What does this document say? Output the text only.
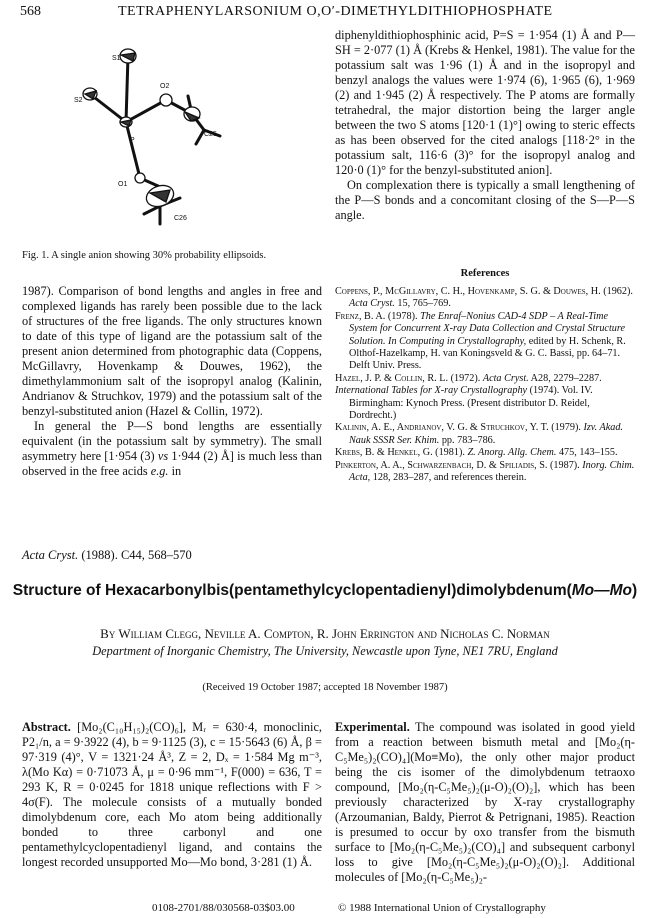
568	TETRAPHENYLARSONIUM O,O′-DIMETHYLDITHIOPHOSPHATE
S1
S2
P
O2
C25
O1
C26
Fig. 1. A single anion showing 30% probability ellipsoids.

diphenyldithiophosphinic acid, P=S = 1·954 (1) Å and P—SH = 2·077 (1) Å (Krebs & Henkel, 1981). The value for the potassium salt was 1·96 (1) Å and in the isopropyl and benzyl analogs the values were 1·974 (6), 1·965 (6), 1·969 (2) and 1·945 (2) Å respectively. The P atoms are formally tetrahedral, the major distortion being the larger angle between the two S atoms [120·1 (1)°] owing to steric effects as has been observed for the cited analogs [118·2° in the potassium salt, 116·6 (3)° for the isopropyl analog and 120·0 (1)° for the benzyl-substituted anion].

On complexation there is typically a small lengthening of the P—S bonds and a concomitant closing of the S—P—S angle.

1987). Comparison of bond lengths and angles in free and complexed ligands has rarely been possible due to the lack of structures of the free ligands. The only structures known to date of this type of ligand are the potassium salt of the present anion determined from photographic data (Coppens, McGillavry, Hovenkamp & Douwes, 1962), the dimethylammonium salt of the isopropyl analog (Kalinin, Andrianov & Struchkov, 1979) and the potassium salt of the benzyl-substituted anion (Hazel & Collin, 1972).

In general the P—S bond lengths are essentially equivalent (in the potassium salt by symmetry). The small asymmetry here [1·954 (3) vs 1·944 (2) Å] is much less than observed in the free acids e.g. in

References

Coppens, P., McGillavry, C. H., Hovenkamp, S. G. & Douwes, H. (1962). Acta Cryst. 15, 765–769.

Frenz, B. A. (1978). The Enraf–Nonius CAD-4 SDP – A Real-Time System for Concurrent X-ray Data Collection and Crystal Structure Solution. In Computing in Crystallography, edited by H. Schenk, R. Olthof-Hazelkamp, H. van Koningsveld & G. C. Bassi, pp. 64–71. Delft Univ. Press.

Hazel, J. P. & Collin, R. L. (1972). Acta Cryst. A28, 2279–2287.

International Tables for X-ray Crystallography (1974). Vol. IV. Birmingham: Kynoch Press. (Present distributor D. Reidel, Dordrecht.)

Kalinin, A. E., Andrianov, V. G. & Struchkov, Y. T. (1979). Izv. Akad. Nauk SSSR Ser. Khim. pp. 783–786.

Krebs, B. & Henkel, G. (1981). Z. Anorg. Allg. Chem. 475, 143–155.

Pinkerton, A. A., Schwarzenbach, D. & Spiliadis, S. (1987). Inorg. Chim. Acta, 128, 283–287, and references therein.

Acta Cryst. (1988). C44, 568–570
Structure of Hexacarbonylbis(pentamethylcyclopentadienyl)dimolybdenum(Mo—Mo)
By William Clegg, Neville A. Compton, R. John Errington and Nicholas C. Norman
Department of Inorganic Chemistry, The University, Newcastle upon Tyne, NE1 7RU, England
(Received 19 October 1987; accepted 18 November 1987)

Abstract. [Mo₂(C₁₀H₁₅)₂(CO)₆], Mᵣ = 630·4, monoclinic, P2₁/n, a = 9·3922 (4), b = 9·1125 (3), c = 15·5643 (6) Å, β = 97·319 (4)°, V = 1321·24 Å³, Z = 2, Dₓ = 1·584 Mg m⁻³, λ(Mo Kα) = 0·71073 Å, μ = 0·96 mm⁻¹, F(000) = 636, T = 293 K, R = 0·0245 for 1818 unique reflections with F > 4σ(F). The molecule consists of a mutually bonded dimolybdenum core, each Mo atom being additionally bonded to three carbonyl and one pentamethylcyclopentadienyl ligand, and contains the longest recorded unsupported Mo—Mo bond, 3·281 (1) Å.

Experimental. The compound was isolated in good yield from a reaction between bismuth metal and [Mo₂(η-C₅Me₅)₂(CO)₄](Mo≡Mo), the only other major product being the cis isomer of the dimolybdenum tetraoxo compound, [Mo₂(η-C₅Me₅)₂(μ-O)₂(O)₂], which has been previously characterized by X-ray crystallography (Arzoumanian, Baldy, Pierrot & Petrignani, 1985). Reaction is presumed to occur by oxo transfer from the bismuth surface to [Mo₂(η-C₅Me₅)₂(CO)₄] and subsequent carbonyl loss to give [Mo₂(η-C₅Me₅)₂(μ-O)₂(O)₂]. Additional molecules of [Mo₂(η-C₅Me₅)₂-

0108-2701/88/030568-03$03.00	© 1988 International Union of Crystallography
